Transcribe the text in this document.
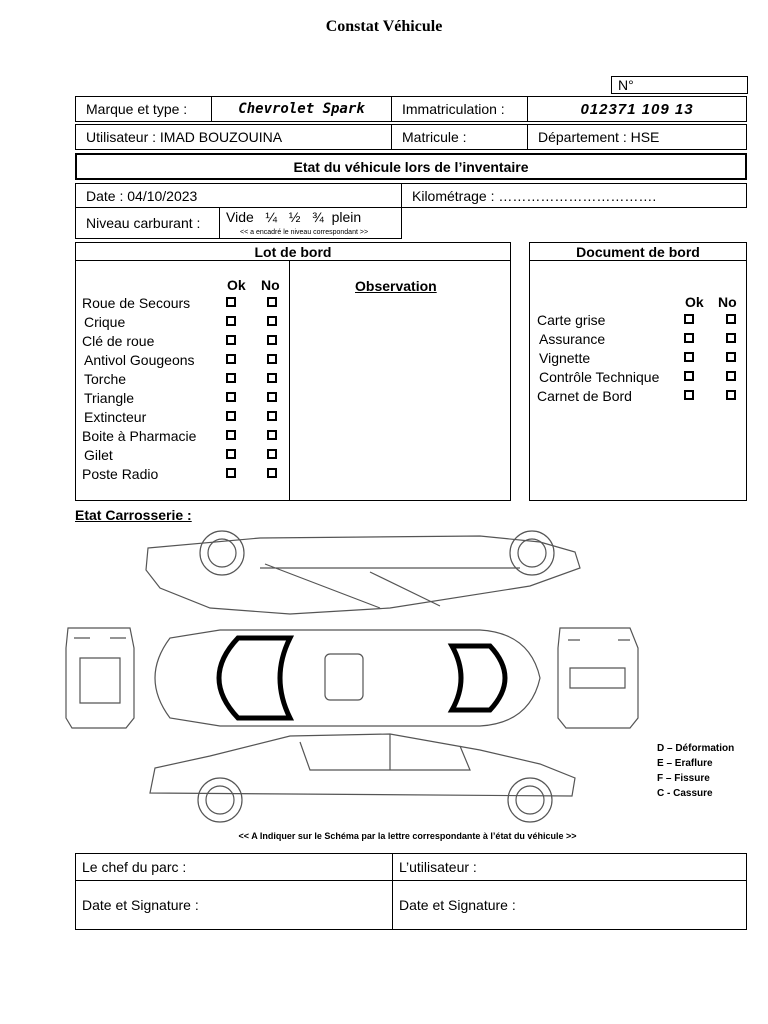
Constat Véhicule
N°
Marque et type :	Chevrolet Spark	Immatriculation :	012371 109 13
Utilisateur : IMAD BOUZOUINA	Matricule :	Département : HSE
Etat du véhicule lors de l’inventaire
Date : 04/10/2023	Kilométrage : …………………………….
Niveau carburant : Vide   ¼   ½   ¾  plein
<< a encadré le niveau correspondant >>
Lot de bord
Ok No	Observation
Roue de Secours
Crique
Clé de roue
Antivol Gougeons
Torche
Triangle
Extincteur
Boite à Pharmacie
Gilet
Poste Radio
Document de bord
Ok No
Carte grise
Assurance
Vignette
Contrôle Technique
Carnet de Bord
Etat Carrosserie :
D – Déformation
E – Eraflure
F – Fissure
C - Cassure
<< A Indiquer sur le Schéma par la lettre correspondante à l’état du véhicule >>
Le chef du parc :	L’utilisateur :
Date et Signature :	Date et Signature :
